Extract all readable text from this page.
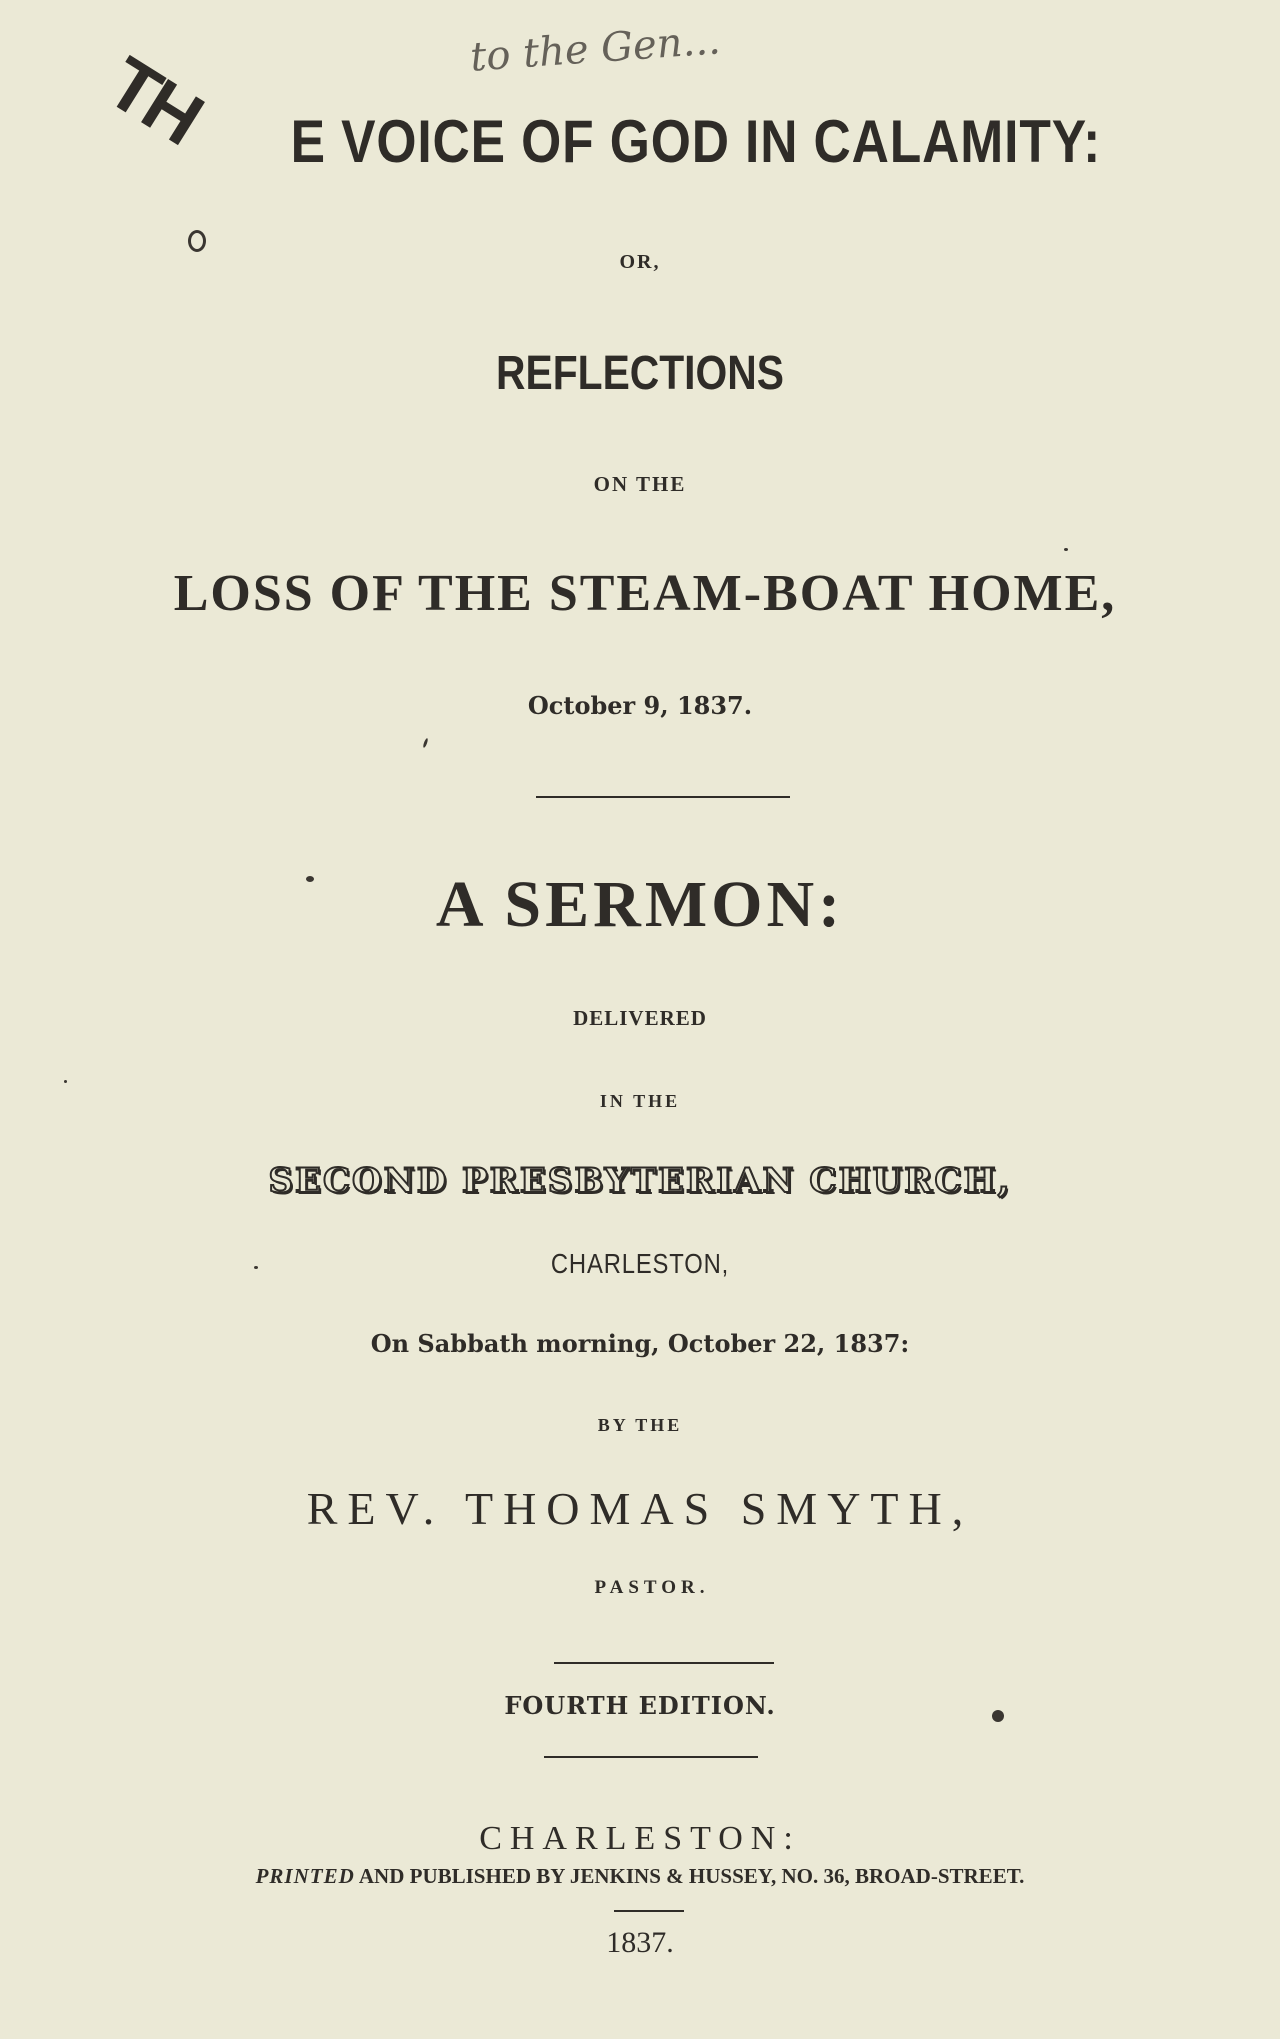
to the Gen...
TH	E VOICE OF GOD IN CALAMITY:
OR,
REFLECTIONS
ON THE
LOSS OF THE STEAM-BOAT HOME,
October 9, 1837.
A SERMON:
DELIVERED
IN THE
SECOND PRESBYTERIAN CHURCH,
CHARLESTON,
On Sabbath morning, October 22, 1837:
BY THE
REV. THOMAS SMYTH,
PASTOR.
FOURTH EDITION.
CHARLESTON:
PRINTED AND PUBLISHED BY JENKINS & HUSSEY, NO. 36, BROAD-STREET.
1837.
